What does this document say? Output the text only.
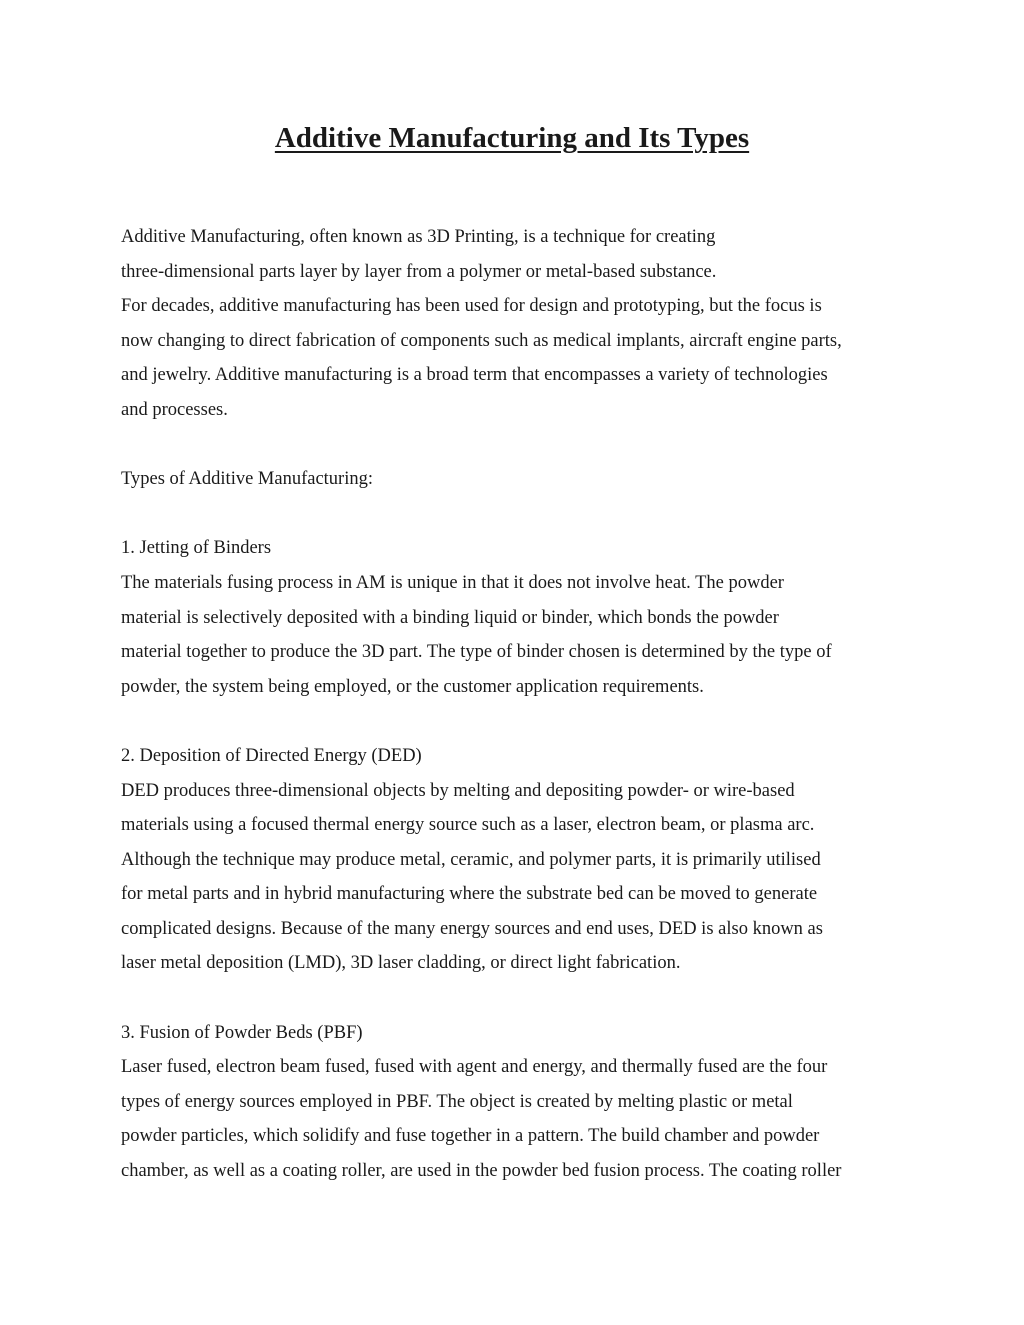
Additive Manufacturing and Its Types
Additive Manufacturing, often known as 3D Printing, is a technique for creating
three-dimensional parts layer by layer from a polymer or metal-based substance.
For decades, additive manufacturing has been used for design and prototyping, but the focus is
now changing to direct fabrication of components such as medical implants, aircraft engine parts,
and jewelry. Additive manufacturing is a broad term that encompasses a variety of technologies
and processes.
Types of Additive Manufacturing:
1. Jetting of Binders
The materials fusing process in AM is unique in that it does not involve heat. The powder
material is selectively deposited with a binding liquid or binder, which bonds the powder
material together to produce the 3D part. The type of binder chosen is determined by the type of
powder, the system being employed, or the customer application requirements.
2. Deposition of Directed Energy (DED)
DED produces three-dimensional objects by melting and depositing powder- or wire-based
materials using a focused thermal energy source such as a laser, electron beam, or plasma arc.
Although the technique may produce metal, ceramic, and polymer parts, it is primarily utilised
for metal parts and in hybrid manufacturing where the substrate bed can be moved to generate
complicated designs. Because of the many energy sources and end uses, DED is also known as
laser metal deposition (LMD), 3D laser cladding, or direct light fabrication.
3. Fusion of Powder Beds (PBF)
Laser fused, electron beam fused, fused with agent and energy, and thermally fused are the four
types of energy sources employed in PBF. The object is created by melting plastic or metal
powder particles, which solidify and fuse together in a pattern. The build chamber and powder
chamber, as well as a coating roller, are used in the powder bed fusion process. The coating roller
